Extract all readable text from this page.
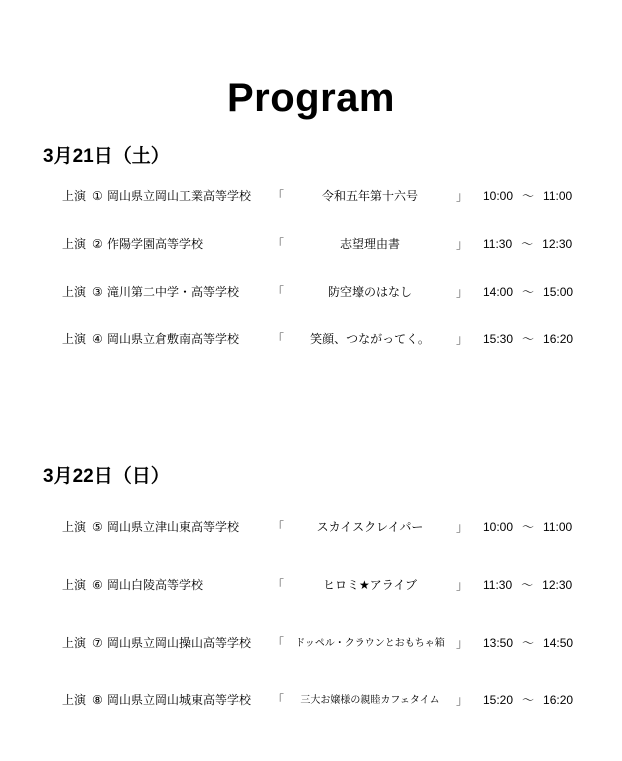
Program
3月21日（土）
上演 ① 岡山県立岡山工業高等学校	「	令和五年第十六号	」 10:00 ～ 11:00
上演 ② 作陽学園高等学校	「	志望理由書	」 11:30 ～ 12:30
上演 ③ 滝川第二中学・高等学校	「	防空壕のはなし	」 14:00 ～ 15:00
上演 ④ 岡山県立倉敷南高等学校	「	笑顔、つながってく。	」 15:30 ～ 16:20
3月22日（日）
上演 ⑤ 岡山県立津山東高等学校	「	スカイスクレイパー	」 10:00 ～ 11:00
上演 ⑥ 岡山白陵高等学校	「	ヒロミ★アライブ	」 11:30 ～ 12:30
上演 ⑦ 岡山県立岡山操山高等学校	「	ドッペル・クラウンとおもちゃ箱 」 13:50 ～ 14:50
上演 ⑧ 岡山県立岡山城東高等学校	「	三大お嬢様の親睦カフェタイム	」 15:20 ～ 16:20
